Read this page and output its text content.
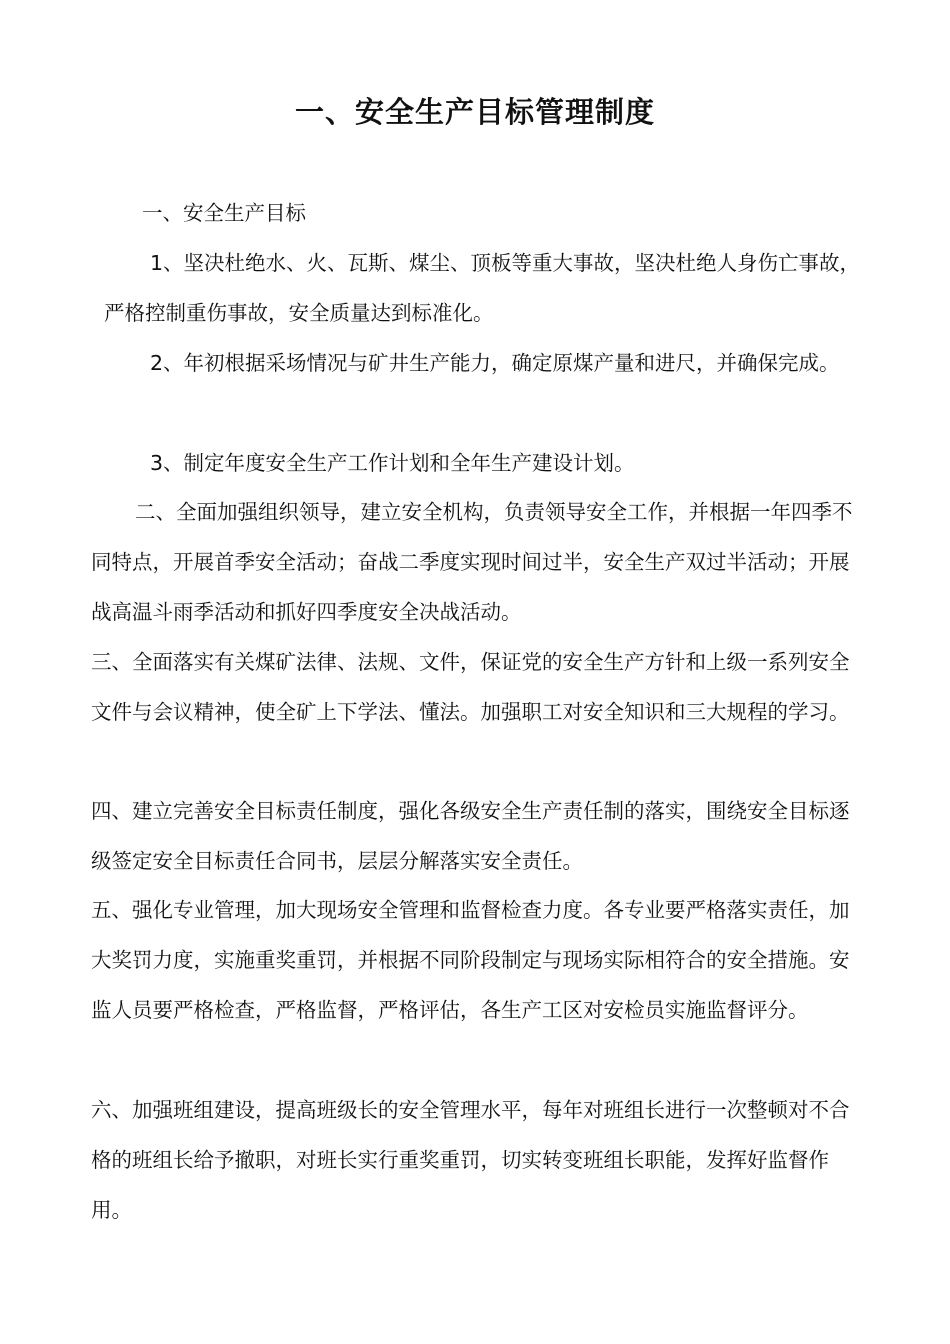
一、安全生产目标管理制度
一、安全生产目标
1、坚决杜绝水、火、瓦斯、煤尘、顶板等重大事故，坚决杜绝人身伤亡事故，严格控制重伤事故，安全质量达到标准化。
2、年初根据采场情况与矿井生产能力，确定原煤产量和进尺，并确保完成。
3、制定年度安全生产工作计划和全年生产建设计划。
二、全面加强组织领导，建立安全机构，负责领导安全工作，并根据一年四季不同特点，开展首季安全活动；奋战二季度实现时间过半，安全生产双过半活动；开展战高温斗雨季活动和抓好四季度安全决战活动。
三、全面落实有关煤矿法律、法规、文件，保证党的安全生产方针和上级一系列安全文件与会议精神，使全矿上下学法、懂法。加强职工对安全知识和三大规程的学习。
四、建立完善安全目标责任制度，强化各级安全生产责任制的落实，围绕安全目标逐级签定安全目标责任合同书，层层分解落实安全责任。
五、强化专业管理，加大现场安全管理和监督检查力度。各专业要严格落实责任，加大奖罚力度，实施重奖重罚，并根据不同阶段制定与现场实际相符合的安全措施。安监人员要严格检查，严格监督，严格评估，各生产工区对安检员实施监督评分。
六、加强班组建设，提高班级长的安全管理水平，每年对班组长进行一次整顿对不合格的班组长给予撤职，对班长实行重奖重罚，切实转变班组长职能，发挥好监督作用。
